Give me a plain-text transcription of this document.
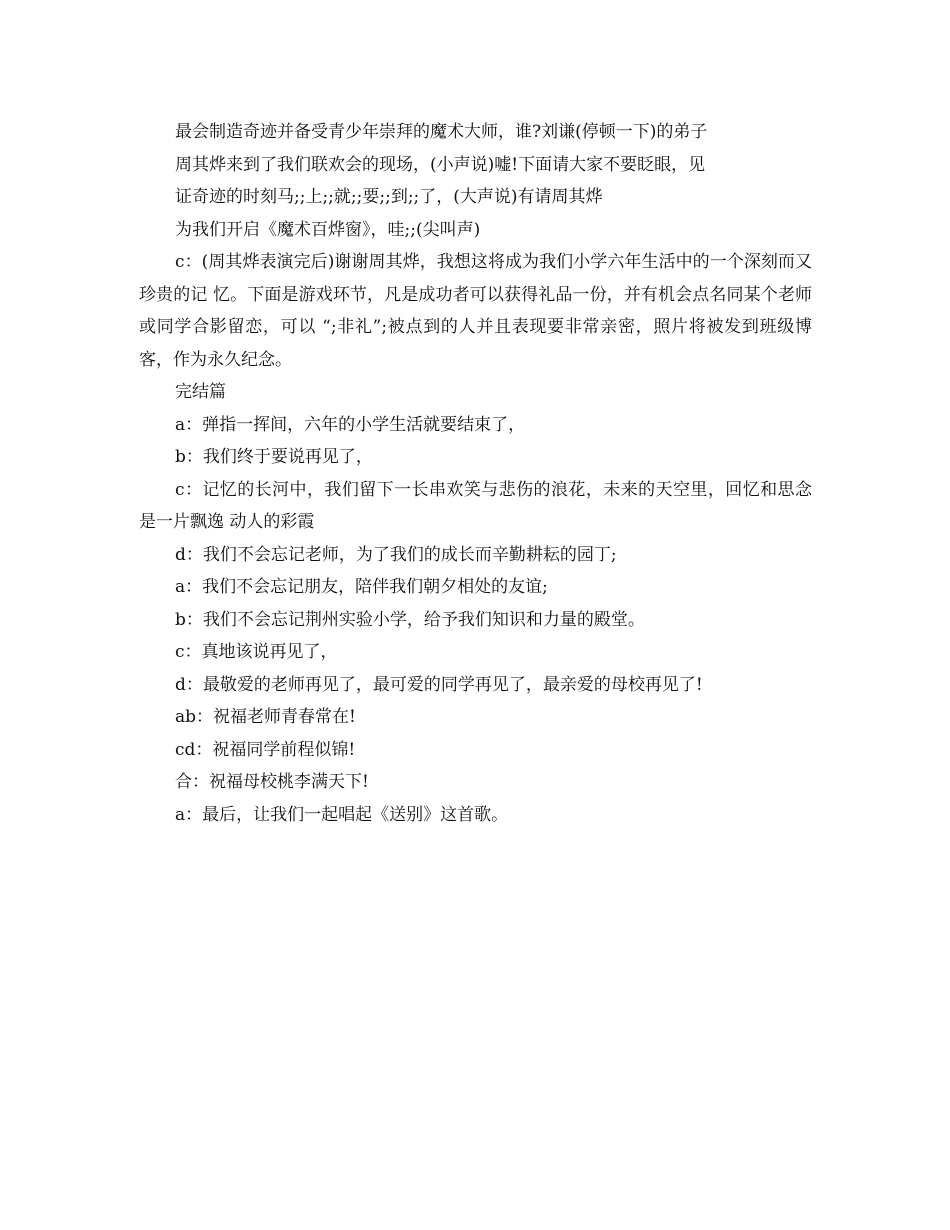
最会制造奇迹并备受青少年崇拜的魔术大师，谁?刘谦(停顿一下)的弟子
周其烨来到了我们联欢会的现场，(小声说)嘘!下面请大家不要眨眼，见
证奇迹的时刻马;;上;;就;;要;;到;;了，(大声说)有请周其烨
为我们开启《魔术百烨窗》，哇;;(尖叫声)
c：(周其烨表演完后)谢谢周其烨，我想这将成为我们小学六年生活中的一个深刻而又珍贵的记 忆。下面是游戏环节，凡是成功者可以获得礼品一份，并有机会点名同某个老师或同学合影留恋，可以 “;非礼”;被点到的人并且表现要非常亲密，照片将被发到班级博客，作为永久纪念。
完结篇
a：弹指一挥间，六年的小学生活就要结束了，
b：我们终于要说再见了，
c：记忆的长河中，我们留下一长串欢笑与悲伤的浪花，未来的天空里，回忆和思念是一片飘逸 动人的彩霞
d：我们不会忘记老师，为了我们的成长而辛勤耕耘的园丁;
a：我们不会忘记朋友，陪伴我们朝夕相处的友谊;
b：我们不会忘记荆州实验小学，给予我们知识和力量的殿堂。
c：真地该说再见了，
d：最敬爱的老师再见了，最可爱的同学再见了，最亲爱的母校再见了!
ab：祝福老师青春常在!
cd：祝福同学前程似锦!
合：祝福母校桃李满天下!
a：最后，让我们一起唱起《送别》这首歌。
